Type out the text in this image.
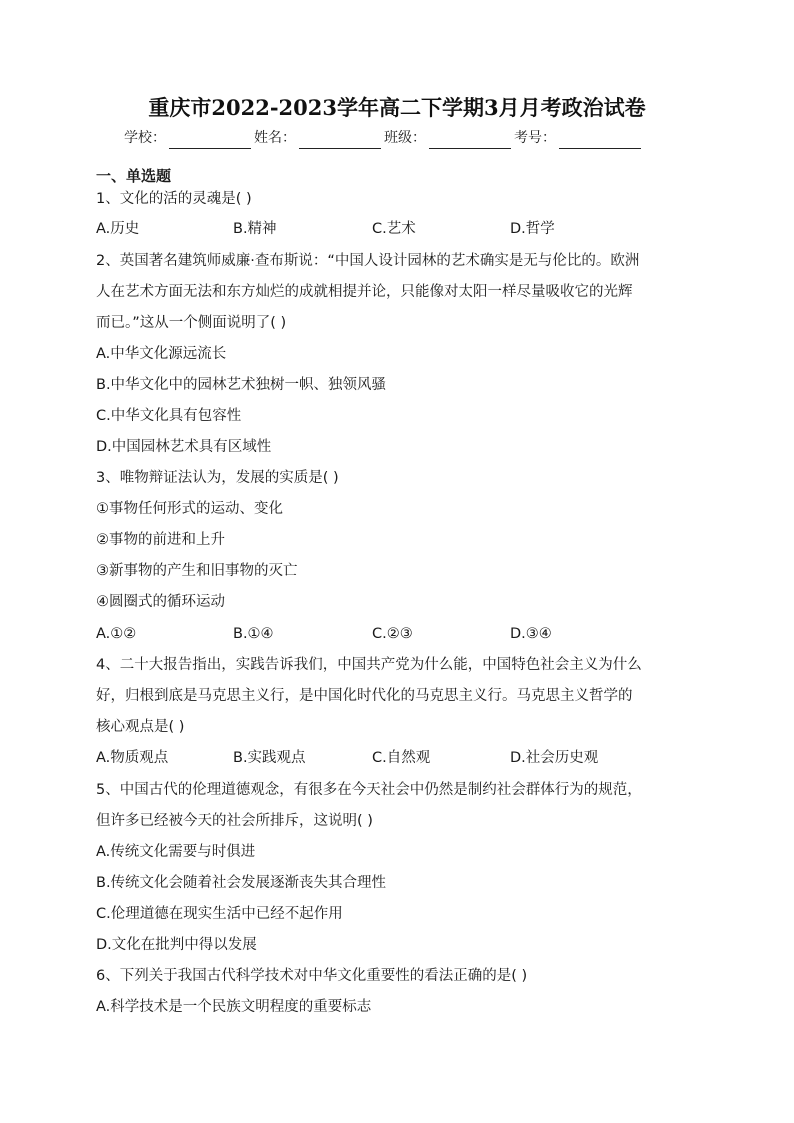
重庆市2022-2023学年高二下学期3月月考政治试卷
学校：	姓名：	班级：	考号：
一、单选题
1、文化的活的灵魂是( )
A.历史	B.精神	C.艺术	D.哲学
2、英国著名建筑师威廉·查布斯说：“中国人设计园林的艺术确实是无与伦比的。欧洲
人在艺术方面无法和东方灿烂的成就相提并论，只能像对太阳一样尽量吸收它的光辉
而已。”这从一个侧面说明了( )
A.中华文化源远流长
B.中华文化中的园林艺术独树一帜、独领风骚
C.中华文化具有包容性
D.中国园林艺术具有区域性
3、唯物辩证法认为，发展的实质是( )
①事物任何形式的运动、变化
②事物的前进和上升
③新事物的产生和旧事物的灭亡
④圆圈式的循环运动
A.①②	B.①④	C.②③	D.③④
4、二十大报告指出，实践告诉我们，中国共产党为什么能，中国特色社会主义为什么
好，归根到底是马克思主义行，是中国化时代化的马克思主义行。马克思主义哲学的
核心观点是( )
A.物质观点	B.实践观点	C.自然观	D.社会历史观
5、中国古代的伦理道德观念，有很多在今天社会中仍然是制约社会群体行为的规范，
但许多已经被今天的社会所排斥，这说明( )
A.传统文化需要与时俱进
B.传统文化会随着社会发展逐渐丧失其合理性
C.伦理道德在现实生活中已经不起作用
D.文化在批判中得以发展
6、下列关于我国古代科学技术对中华文化重要性的看法正确的是( )
A.科学技术是一个民族文明程度的重要标志
